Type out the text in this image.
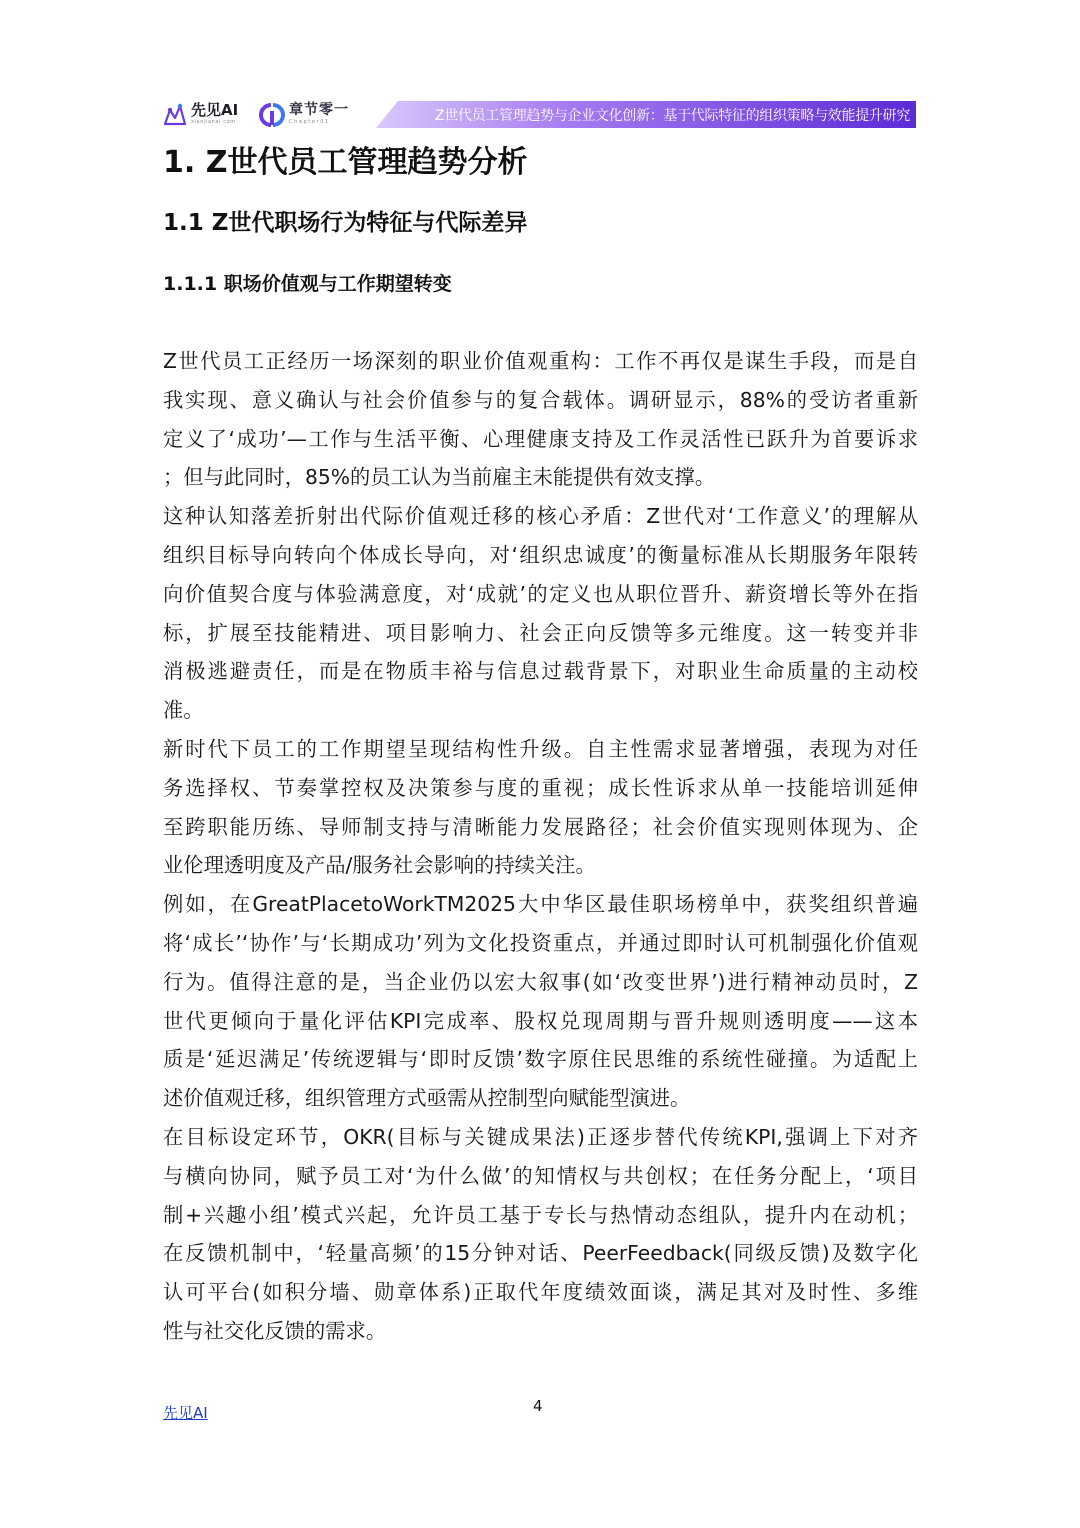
先见AI
xianjianai.com
章节零一
Chapter01	Z世代员工管理趋势与企业文化创新：基于代际特征的组织策略与效能提升研究
1. Z世代员工管理趋势分析
1.1 Z世代职场行为特征与代际差异
1.1.1 职场价值观与工作期望转变
Z世代员工正经历一场深刻的职业价值观重构：工作不再仅是谋生手段，而是自
我实现、意义确认与社会价值参与的复合载体。调研显示，88%的受访者重新
定义了‘成功’—工作与生活平衡、心理健康支持及工作灵活性已跃升为首要诉求
；但与此同时，85%的员工认为当前雇主未能提供有效支撑。
这种认知落差折射出代际价值观迁移的核心矛盾：Z世代对‘工作意义’的理解从
组织目标导向转向个体成长导向，对‘组织忠诚度’的衡量标准从长期服务年限转
向价值契合度与体验满意度，对‘成就’的定义也从职位晋升、薪资增长等外在指
标，扩展至技能精进、项目影响力、社会正向反馈等多元维度。这一转变并非
消极逃避责任，而是在物质丰裕与信息过载背景下，对职业生命质量的主动校
准。
新时代下员工的工作期望呈现结构性升级。自主性需求显著增强，表现为对任
务选择权、节奏掌控权及决策参与度的重视；成长性诉求从单一技能培训延伸
至跨职能历练、导师制支持与清晰能力发展路径；社会价值实现则体现为、企
业伦理透明度及产品/服务社会影响的持续关注。
例如，在GreatPlacetoWorkTM2025大中华区最佳职场榜单中，获奖组织普遍
将‘成长’‘协作’与‘长期成功’列为文化投资重点，并通过即时认可机制强化价值观
行为。值得注意的是，当企业仍以宏大叙事(如‘改变世界’)进行精神动员时，Z
世代更倾向于量化评估KPI完成率、股权兑现周期与晋升规则透明度——这本
质是‘延迟满足’传统逻辑与‘即时反馈’数字原住民思维的系统性碰撞。为适配上
述价值观迁移，组织管理方式亟需从控制型向赋能型演进。
在目标设定环节，OKR(目标与关键成果法)正逐步替代传统KPI,强调上下对齐
与横向协同，赋予员工对‘为什么做’的知情权与共创权；在任务分配上，‘项目
制+兴趣小组’模式兴起，允许员工基于专长与热情动态组队，提升内在动机；
在反馈机制中，‘轻量高频’的15分钟对话、PeerFeedback(同级反馈)及数字化
认可平台(如积分墙、勋章体系)正取代年度绩效面谈，满足其对及时性、多维
性与社交化反馈的需求。
先见AI	4
